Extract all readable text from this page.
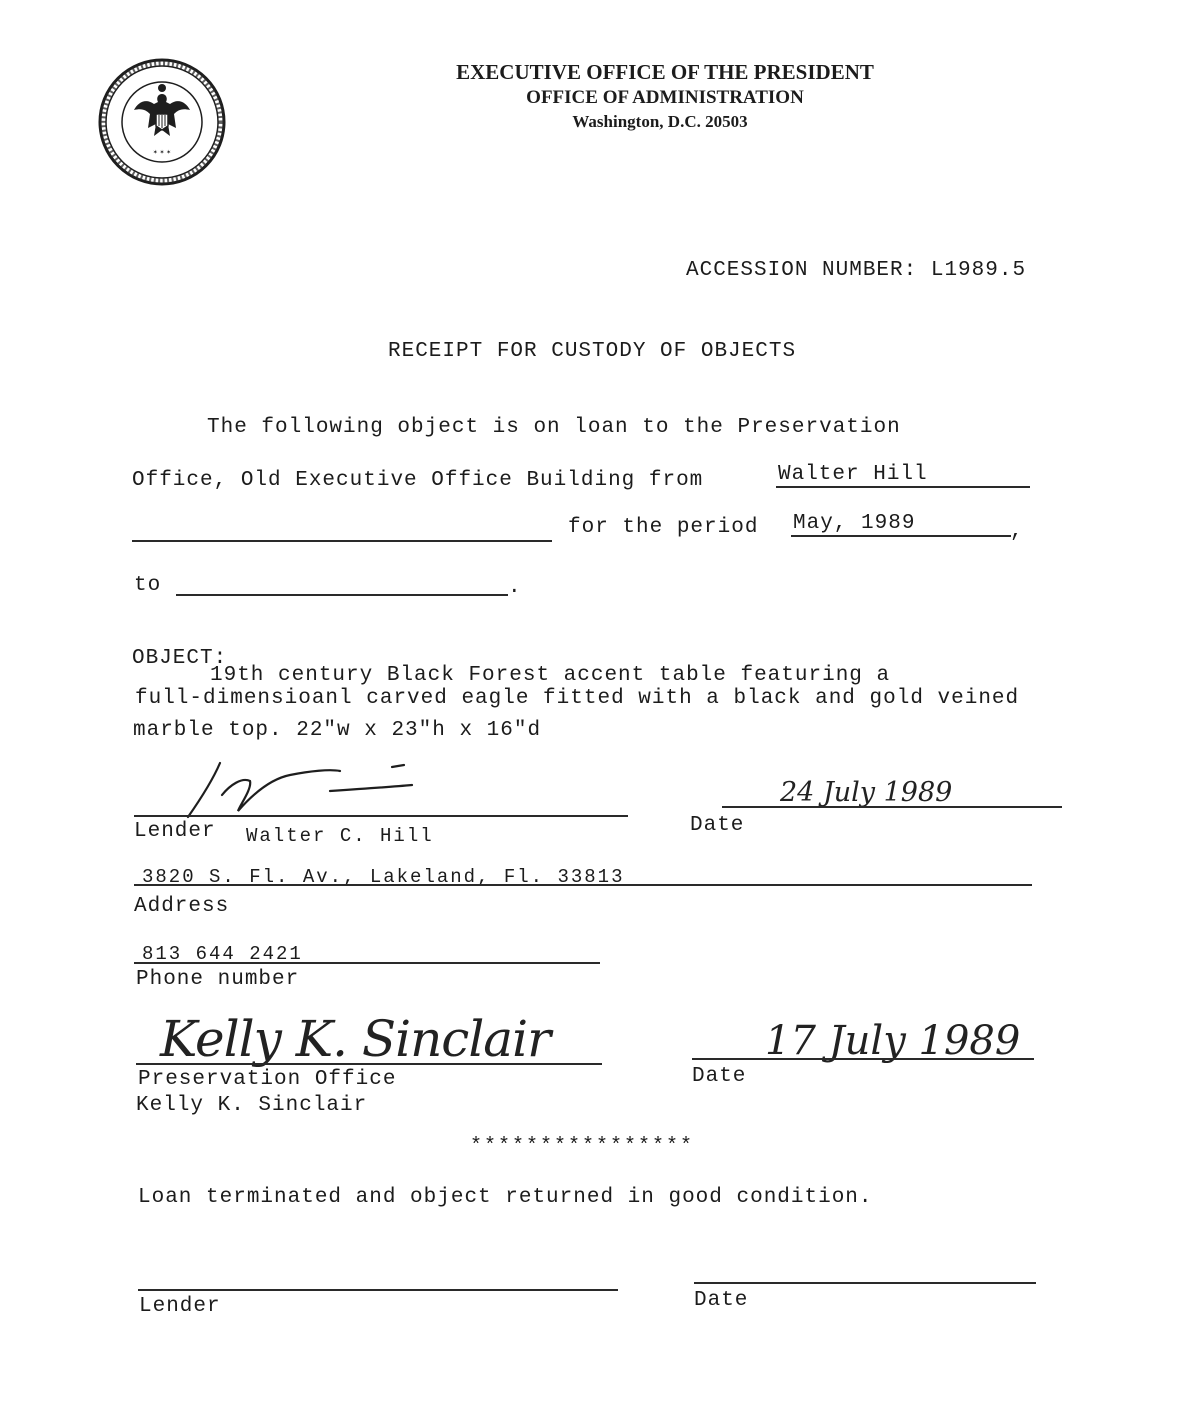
✶ ✶ ✶
EXECUTIVE OFFICE OF THE PRESIDENT
OFFICE OF ADMINISTRATION
Washington, D.C. 20503
ACCESSION NUMBER: L1989.5
RECEIPT FOR CUSTODY OF OBJECTS
The following object is on loan to the Preservation
Office, Old Executive Office Building from	Walter Hill
for the period May, 1989	,
to	.
OBJECT:
19th century Black Forest accent table featuring a
full-dimensioanl carved eagle fitted with a black and gold veined
marble top. 22"w x 23"h x 16"d
Lender Walter C. Hill
24 July 1989
Date
3820 S. Fl. Av., Lakeland, Fl. 33813
Address
813 644 2421
Phone number
Kelly K. Sinclair
Preservation Office
Kelly K. Sinclair
17 July 1989
Date
****************
Loan terminated and object returned in good condition.
Lender	Date
